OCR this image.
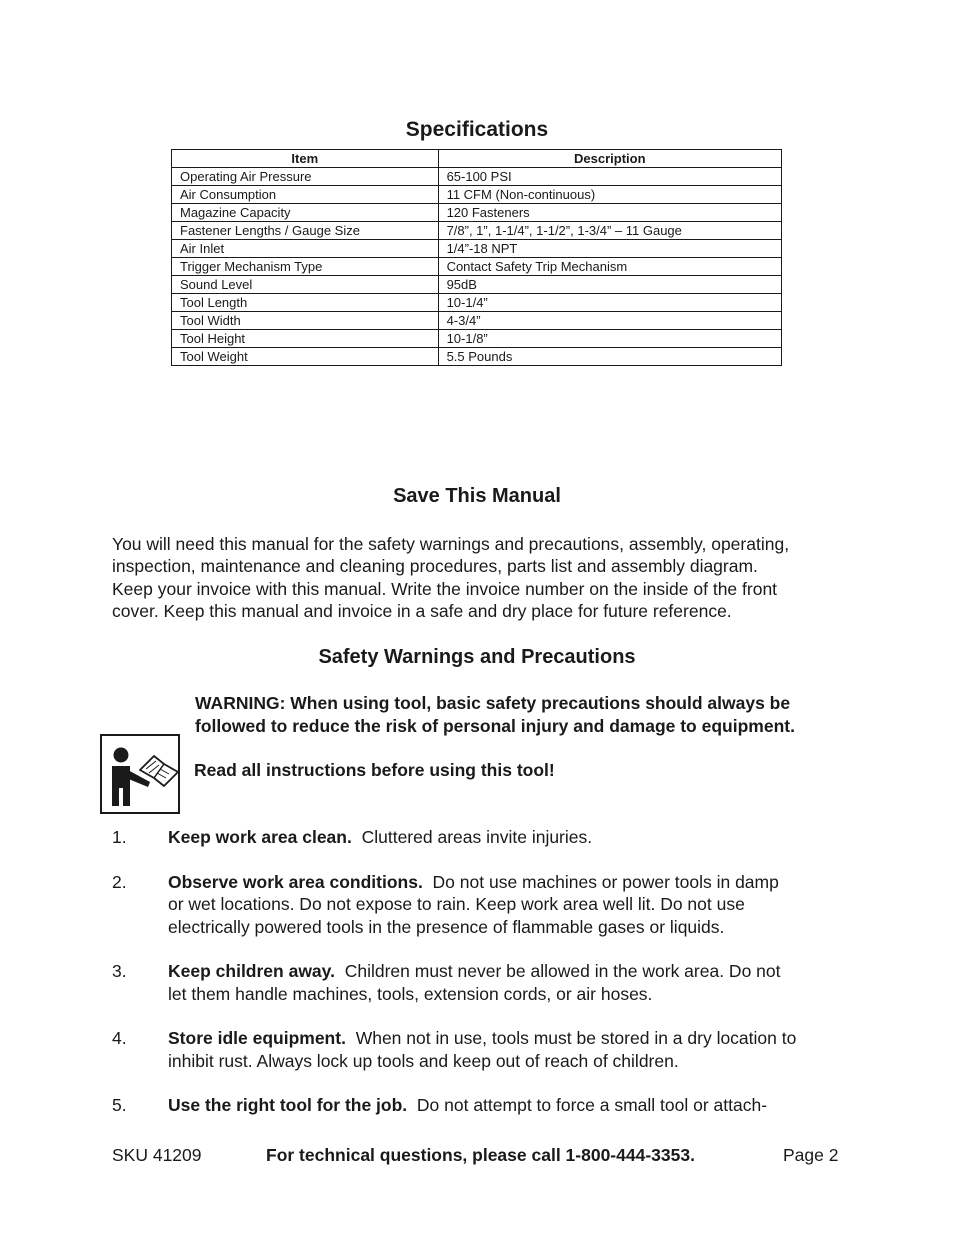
Specifications
Item	Description
Operating Air Pressure	65-100 PSI
Air Consumption	11 CFM (Non-continuous)
Magazine Capacity	120 Fasteners
Fastener Lengths / Gauge Size	7/8”, 1”, 1-1/4”, 1-1/2”, 1-3/4” – 11 Gauge
Air Inlet	1/4”-18 NPT
Trigger Mechanism Type	Contact Safety Trip Mechanism
Sound Level	95dB
Tool Length	10-1/4”
Tool Width	4-3/4”
Tool Height	10-1/8”
Tool Weight	5.5 Pounds
Save This Manual
You will need this manual for the safety warnings and precautions, assembly, operating,
inspection, maintenance and cleaning procedures, parts list and assembly diagram.
Keep your invoice with this manual. Write the invoice number on the inside of the front
cover. Keep this manual and invoice in a safe and dry place for future reference.
Safety Warnings and Precautions
WARNING: When using tool, basic safety precautions should always be
followed to reduce the risk of personal injury and damage to equipment.
Read all instructions before using this tool!
1.	Keep work area clean. Cluttered areas invite injuries.
2.	Observe work area conditions. Do not use machines or power tools in damp
or wet locations. Do not expose to rain. Keep work area well lit. Do not use
electrically powered tools in the presence of flammable gases or liquids.
3.	Keep children away. Children must never be allowed in the work area. Do not
let them handle machines, tools, extension cords, or air hoses.
4.	Store idle equipment. When not in use, tools must be stored in a dry location to
inhibit rust. Always lock up tools and keep out of reach of children.
5.	Use the right tool for the job. Do not attempt to force a small tool or attach-
SKU 41209	For technical questions, please call 1-800-444-3353.	Page 2
